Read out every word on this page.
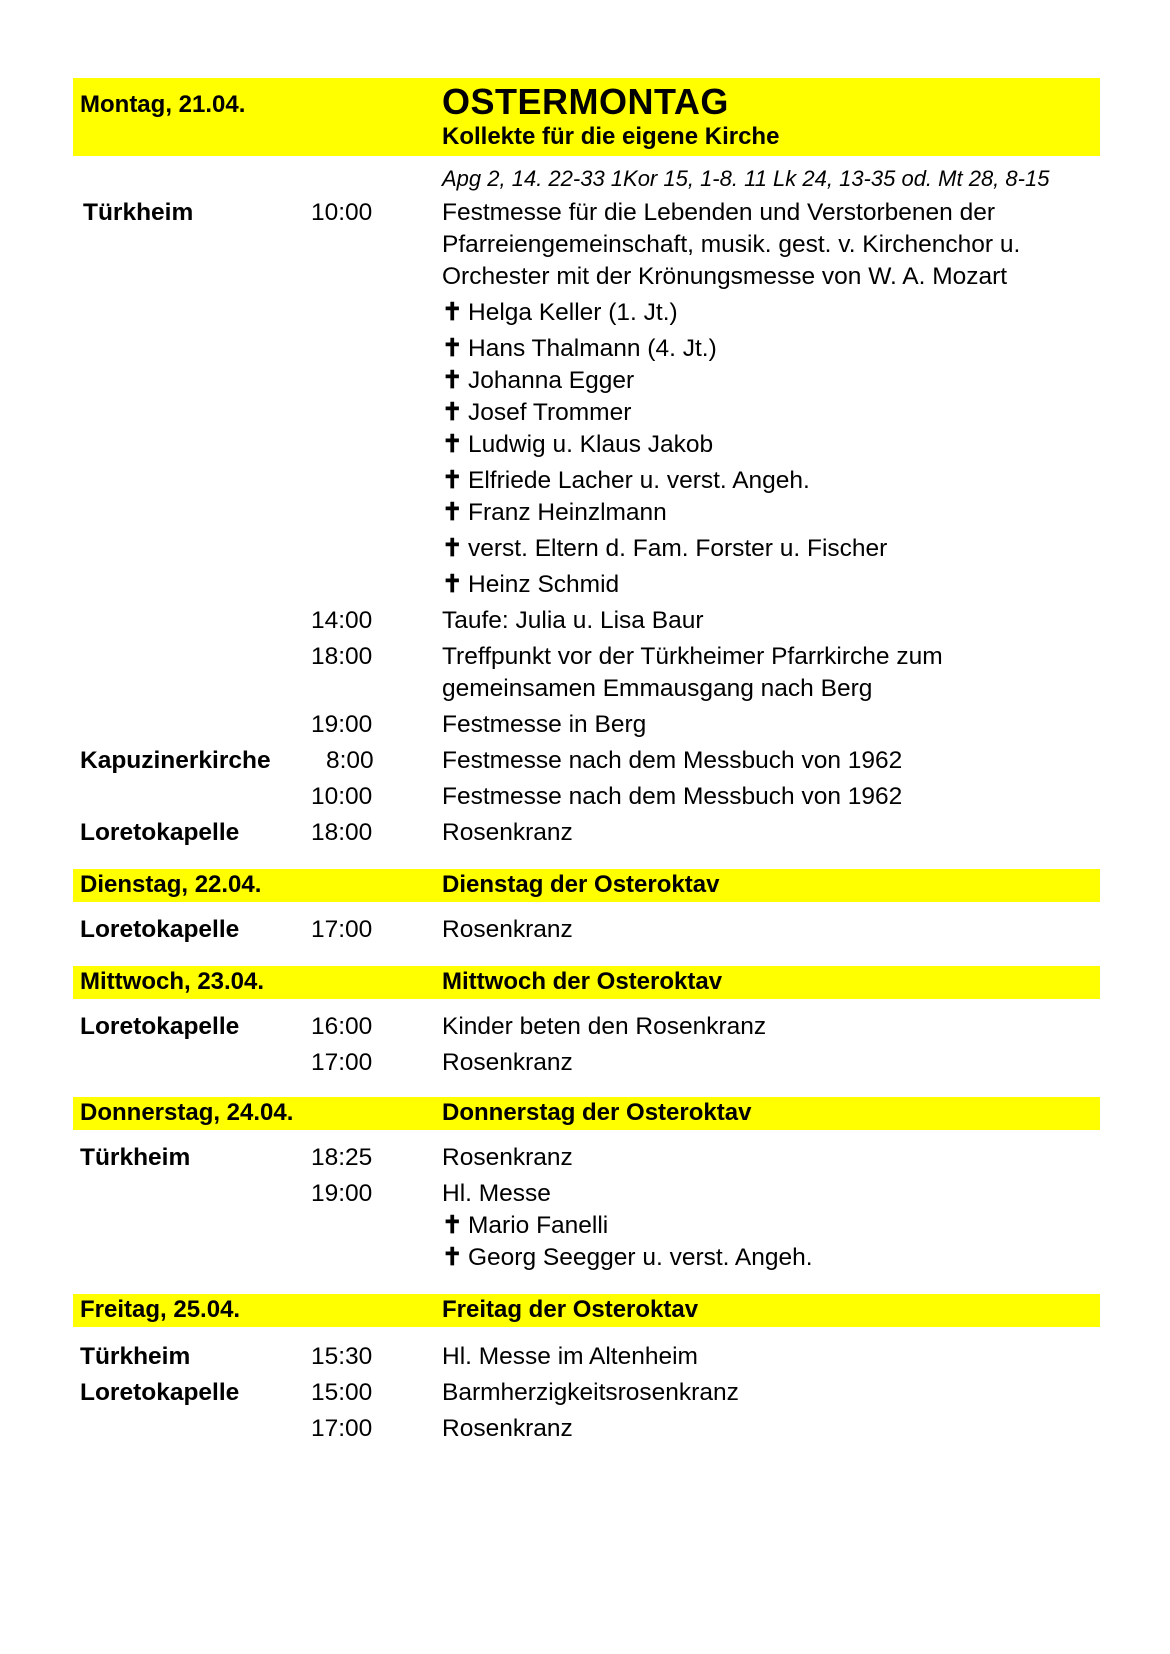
Montag, 21.04.	OSTERMONTAG
Kollekte für die eigene Kirche
Apg 2, 14. 22-33 1Kor 15, 1-8. 11 Lk 24, 13-35 od. Mt 28, 8-15
Türkheim	10:00	Festmesse für die Lebenden und Verstorbenen der Pfarreiengemeinschaft, musik. gest. v. Kirchenchor u. Orchester mit der Krönungsmesse von W. A. Mozart
✝ Helga Keller (1. Jt.)
✝ Hans Thalmann (4. Jt.)
✝ Johanna Egger
✝ Josef Trommer
✝ Ludwig u. Klaus Jakob
✝ Elfriede Lacher u. verst. Angeh.
✝ Franz Heinzlmann
✝ verst. Eltern d. Fam. Forster u. Fischer
✝ Heinz Schmid
14:00	Taufe: Julia u. Lisa Baur
18:00	Treffpunkt vor der Türkheimer Pfarrkirche zum gemeinsamen Emmausgang nach Berg
19:00	Festmesse in Berg
Kapuzinerkirche 8:00	Festmesse nach dem Messbuch von 1962
10:00	Festmesse nach dem Messbuch von 1962
Loretokapelle	18:00	Rosenkranz
Dienstag, 22.04.	Dienstag der Osteroktav
Loretokapelle	17:00	Rosenkranz
Mittwoch, 23.04.	Mittwoch der Osteroktav
Loretokapelle	16:00	Kinder beten den Rosenkranz
17:00	Rosenkranz
Donnerstag, 24.04.	Donnerstag der Osteroktav
Türkheim	18:25	Rosenkranz
19:00	Hl. Messe
✝ Mario Fanelli
✝ Georg Seegger u. verst. Angeh.
Freitag, 25.04.	Freitag der Osteroktav
Türkheim	15:30	Hl. Messe im Altenheim
Loretokapelle	15:00	Barmherzigkeitsrosenkranz
17:00	Rosenkranz
